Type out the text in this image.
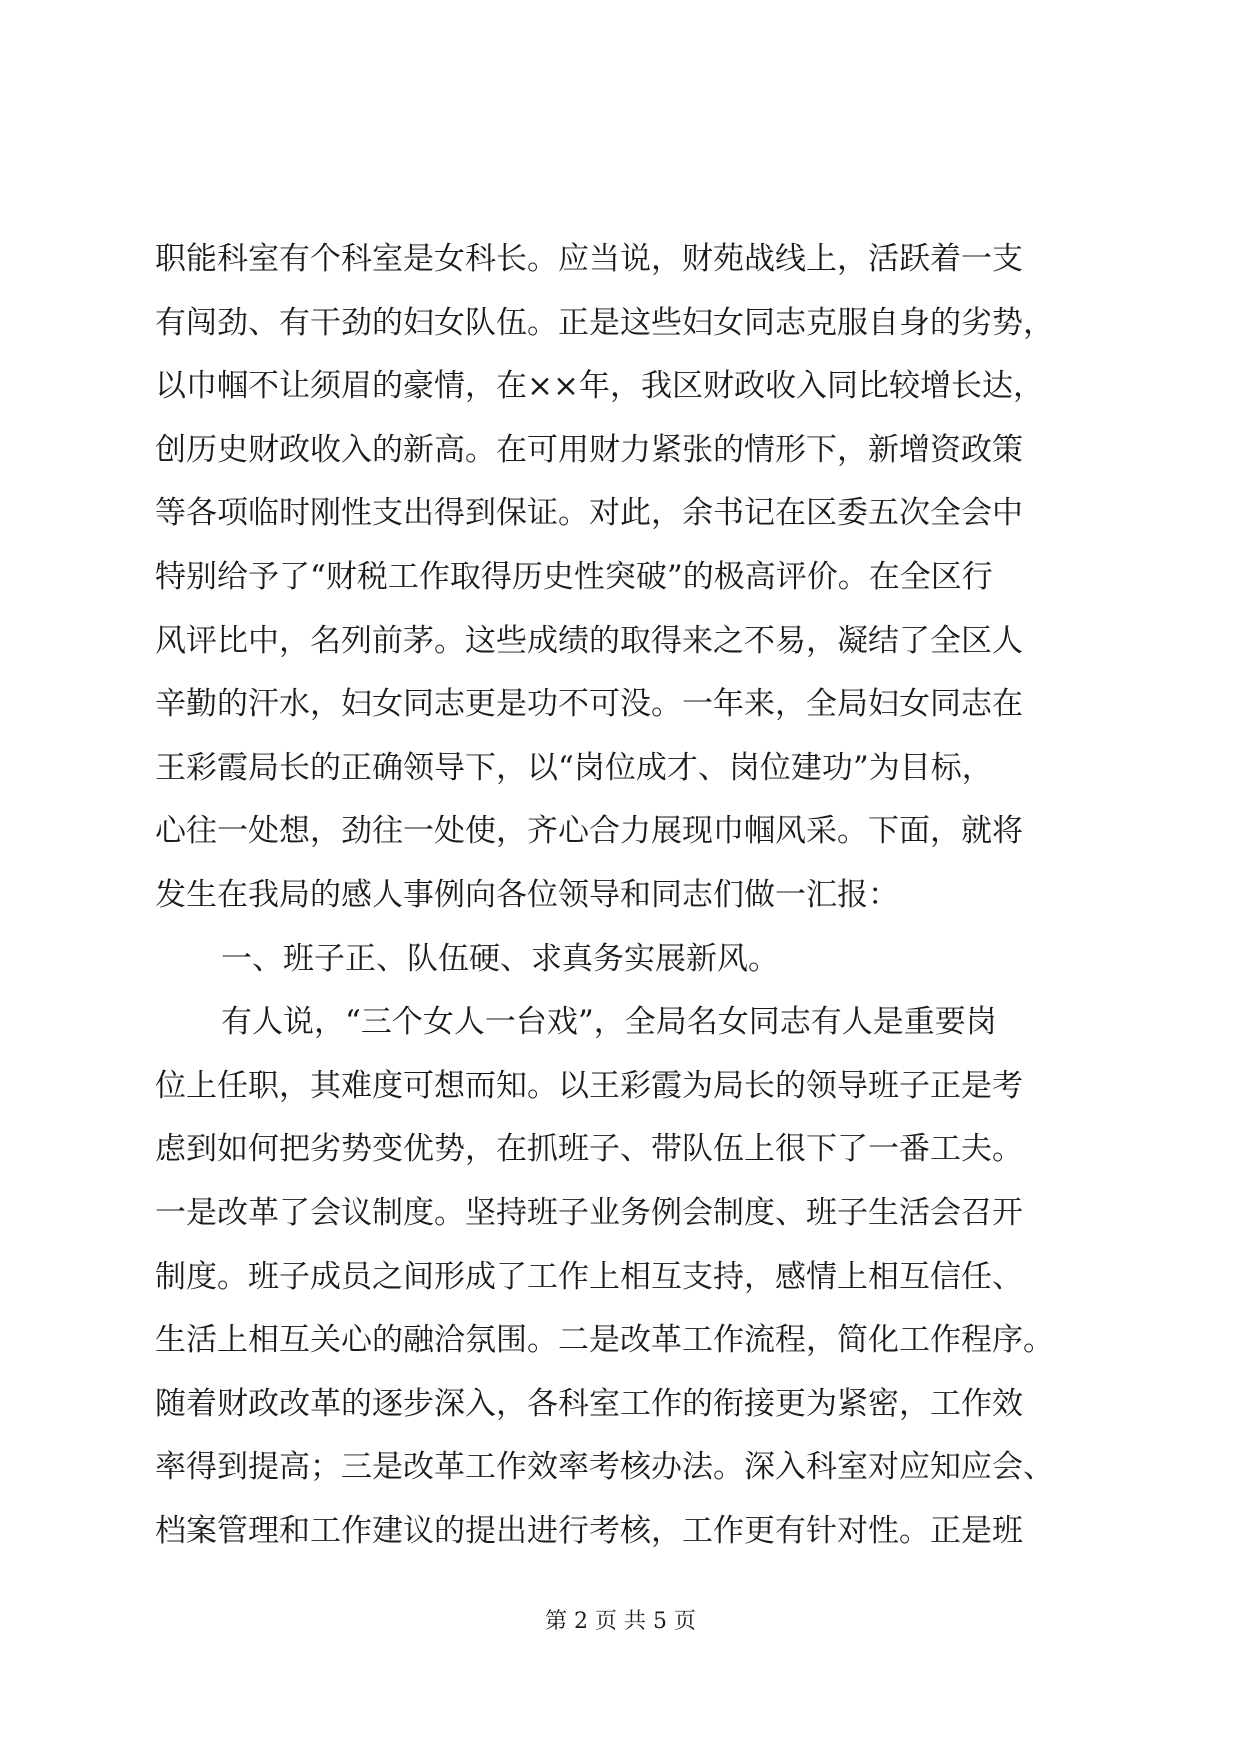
职能科室有个科室是女科长。应当说，财苑战线上，活跃着一支
有闯劲、有干劲的妇女队伍。正是这些妇女同志克服自身的劣势，
以巾帼不让须眉的豪情，在××年，我区财政收入同比较增长达，
创历史财政收入的新高。在可用财力紧张的情形下，新增资政策
等各项临时刚性支出得到保证。对此，余书记在区委五次全会中
特别给予了“财税工作取得历史性突破”的极高评价。在全区行
风评比中，名列前茅。这些成绩的取得来之不易，凝结了全区人
辛勤的汗水，妇女同志更是功不可没。一年来，全局妇女同志在
王彩霞局长的正确领导下，以“岗位成才、岗位建功”为目标，
心往一处想，劲往一处使，齐心合力展现巾帼风采。下面，就将
发生在我局的感人事例向各位领导和同志们做一汇报：
一、班子正、队伍硬、求真务实展新风。
有人说，“三个女人一台戏”，全局名女同志有人是重要岗
位上任职，其难度可想而知。以王彩霞为局长的领导班子正是考
虑到如何把劣势变优势，在抓班子、带队伍上很下了一番工夫。
一是改革了会议制度。坚持班子业务例会制度、班子生活会召开
制度。班子成员之间形成了工作上相互支持，感情上相互信任、
生活上相互关心的融洽氛围。二是改革工作流程，简化工作程序。
随着财政改革的逐步深入，各科室工作的衔接更为紧密，工作效
率得到提高；三是改革工作效率考核办法。深入科室对应知应会、
档案管理和工作建议的提出进行考核，工作更有针对性。正是班
第 2 页 共 5 页
